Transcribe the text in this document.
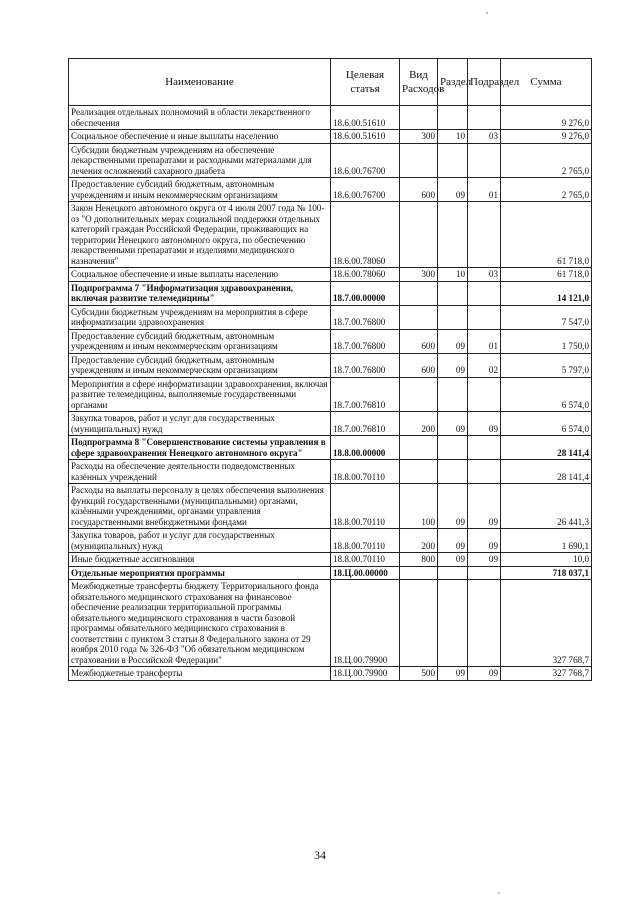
Наименование	Целевая статья	Вид Расходов	Раздел	Подраздел	Сумма
Реализация отдельных полномочий в области лекарственного обеспечения	18.6.00.51610				9 276,0
Социальное обеспечение и иные выплаты населению	18.6.00.51610	300	10	03	9 276,0
Субсидии бюджетным учреждениям на обеспечение лекарственными препаратами и расходными материалами для лечения осложнений сахарного диабета	18.6.00.76700				2 765,0
Предоставление субсидий бюджетным, автономным учреждениям и иным некоммерческим организациям	18.6.00.76700	600	09	01	2 765,0
Закон Ненецкого автономного округа от 4 июля 2007 года № 100-оз "О дополнительных мерах социальной поддержки отдельных категорий граждан Российской Федерации, проживающих на территории Ненецкого автономного округа, по обеспечению лекарственными препаратами и изделиями медицинского назначения"	18.6.00.78060				61 718,0
Социальное обеспечение и иные выплаты населению	18.6.00.78060	300	10	03	61 718,0
Подпрограмма 7 "Информатизация здравоохранения, включая развитие телемедицины"	18.7.00.00000				14 121,0
Субсидии бюджетным учреждениям на мероприятия в сфере информатизации здравоохранения	18.7.00.76800				7 547,0
Предоставление субсидий бюджетным, автономным учреждениям и иным некоммерческим организациям	18.7.00.76800	600	09	01	1 750,0
Предоставление субсидий бюджетным, автономным учреждениям и иным некоммерческим организациям	18.7.00.76800	600	09	02	5 797,0
Мероприятия в сфере информатизации здравоохранения, включая развитие телемедицины, выполняемые государственными органами	18.7.00.76810				6 574,0
Закупка товаров, работ и услуг для государственных (муниципальных) нужд	18.7.00.76810	200	09	09	6 574,0
Подпрограмма 8 "Совершенствование системы управления в сфере здравоохранения Ненецкого автономного округа"	18.8.00.00000				28 141,4
Расходы на обеспечение деятельности подведомственных казённых учреждений	18.8.00.70110				28 141,4
Расходы на выплаты персоналу в целях обеспечения выполнения функций государственными (муниципальными) органами, казёнными учреждениями, органами управления государственными внебюджетными фондами	18.8.00.70110	100	09	09	26 441,3
Закупка товаров, работ и услуг для государственных (муниципальных) нужд	18.8.00.70110	200	09	09	1 690,1
Иные бюджетные ассигнования	18.8.00.70110	800	09	09	10,0
Отдельные мероприятия программы	18.Ц.00.00000				718 037,1
Межбюджетные трансферты бюджету Территориального фонда обязательного медицинского страхования на финансовое обеспечение реализации территориальной программы обязательного медицинского страхования в части базовой программы обязательного медицинского страхования в соответствии с пунктом 3 статьи 8 Федерального закона от 29 ноября 2010 года № 326-ФЗ "Об обязательном медицинском страховании в Российской Федерации"	18.Ц.00.79900				327 768,7
Межбюджетные трансферты	18.Ц.00.79900	500	09	09	327 768,7
34
